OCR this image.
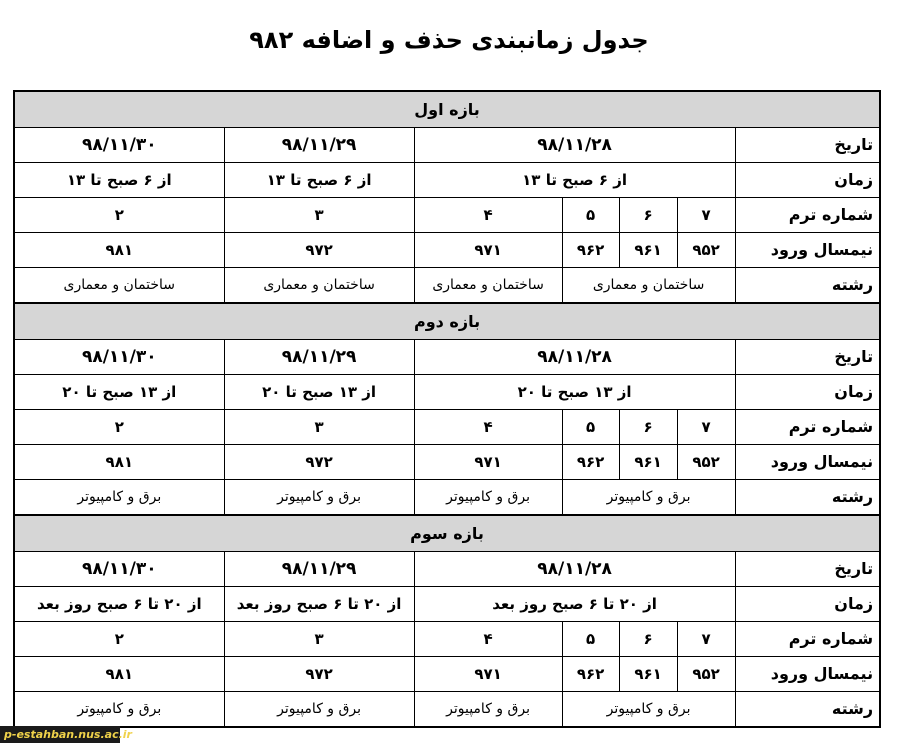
جدول زمانبندی حذف و اضافه ۹۸۲
بازه اول						
تاریخ	۹۸/۱۱/۲۸				۹۸/۱۱/۲۹	۹۸/۱۱/۳۰
زمان	از ۶ صبح تا ۱۳				از ۶ صبح تا ۱۳	از ۶ صبح تا ۱۳
شماره ترم	۷	۶	۵	۴	۳	۲
نیمسال ورود	۹۵۲	۹۶۱	۹۶۲	۹۷۱	۹۷۲	۹۸۱
رشته	ساختمان و معماری			ساختمان و معماری	ساختمان و معماری	ساختمان و معماری
بازه دوم						
تاریخ	۹۸/۱۱/۲۸				۹۸/۱۱/۲۹	۹۸/۱۱/۳۰
زمان	از ۱۳ صبح تا ۲۰				از ۱۳ صبح تا ۲۰	از ۱۳ صبح تا ۲۰
شماره ترم	۷	۶	۵	۴	۳	۲
نیمسال ورود	۹۵۲	۹۶۱	۹۶۲	۹۷۱	۹۷۲	۹۸۱
رشته	برق و کامپیوتر			برق و کامپیوتر	برق و کامپیوتر	برق و کامپیوتر
بازه سوم						
تاریخ	۹۸/۱۱/۲۸				۹۸/۱۱/۲۹	۹۸/۱۱/۳۰
زمان	از ۲۰ تا ۶ صبح روز بعد				از ۲۰ تا ۶ صبح روز بعد	از ۲۰ تا ۶ صبح روز بعد
شماره ترم	۷	۶	۵	۴	۳	۲
نیمسال ورود	۹۵۲	۹۶۱	۹۶۲	۹۷۱	۹۷۲	۹۸۱
رشته	برق و کامپیوتر			برق و کامپیوتر	برق و کامپیوتر	برق و کامپیوتر
p-estahban.nus.ac.ir
